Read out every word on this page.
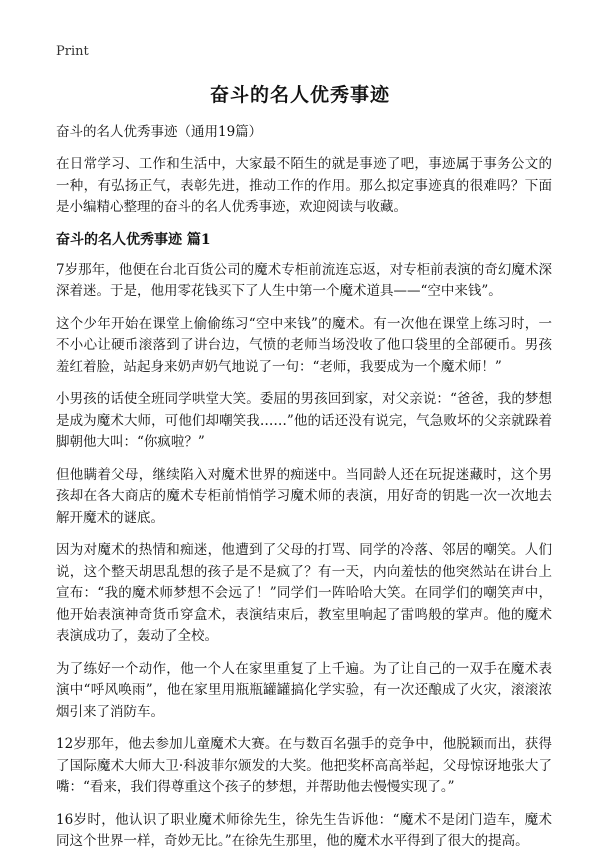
Print
奋斗的名人优秀事迹
奋斗的名人优秀事迹（通用19篇）

在日常学习、工作和生活中，大家最不陌生的就是事迹了吧，事迹属于事务公文的一种，有弘扬正气，表彰先进，推动工作的作用。那么拟定事迹真的很难吗？下面是小编精心整理的奋斗的名人优秀事迹，欢迎阅读与收藏。

奋斗的名人优秀事迹 篇1

7岁那年，他便在台北百货公司的魔术专柜前流连忘返，对专柜前表演的奇幻魔术深深着迷。于是，他用零花钱买下了人生中第一个魔术道具——“空中来钱”。

这个少年开始在课堂上偷偷练习“空中来钱”的魔术。有一次他在课堂上练习时，一不小心让硬币滚落到了讲台边，气愤的老师当场没收了他口袋里的全部硬币。男孩羞红着脸，站起身来奶声奶气地说了一句：“老师，我要成为一个魔术师！”

小男孩的话使全班同学哄堂大笑。委屈的男孩回到家，对父亲说：“爸爸，我的梦想是成为魔术大师，可他们却嘲笑我……”他的话还没有说完，气急败坏的父亲就跺着脚朝他大叫：“你疯啦？”

但他瞒着父母，继续陷入对魔术世界的痴迷中。当同龄人还在玩捉迷藏时，这个男孩却在各大商店的魔术专柜前悄悄学习魔术师的表演，用好奇的钥匙一次一次地去解开魔术的谜底。

因为对魔术的热情和痴迷，他遭到了父母的打骂、同学的冷落、邻居的嘲笑。人们说，这个整天胡思乱想的孩子是不是疯了？有一天，内向羞怯的他突然站在讲台上宣布：“我的魔术师梦想不会远了！”同学们一阵哈哈大笑。在同学们的嘲笑声中，他开始表演神奇货币穿盒术，表演结束后，教室里响起了雷鸣般的掌声。他的魔术表演成功了，轰动了全校。

为了练好一个动作，他一个人在家里重复了上千遍。为了让自己的一双手在魔术表演中“呼风唤雨”，他在家里用瓶瓶罐罐搞化学实验，有一次还酿成了火灾，滚滚浓烟引来了消防车。

12岁那年，他去参加儿童魔术大赛。在与数百名强手的竞争中，他脱颖而出，获得了国际魔术大师大卫·科波菲尔颁发的大奖。他把奖杯高高举起，父母惊讶地张大了嘴：“看来，我们得尊重这个孩子的梦想，并帮助他去慢慢实现了。”

16岁时，他认识了职业魔术师徐先生，徐先生告诉他：“魔术不是闭门造车，魔术同这个世界一样，奇妙无比。”在徐先生那里，他的魔术水平得到了很大的提高。
